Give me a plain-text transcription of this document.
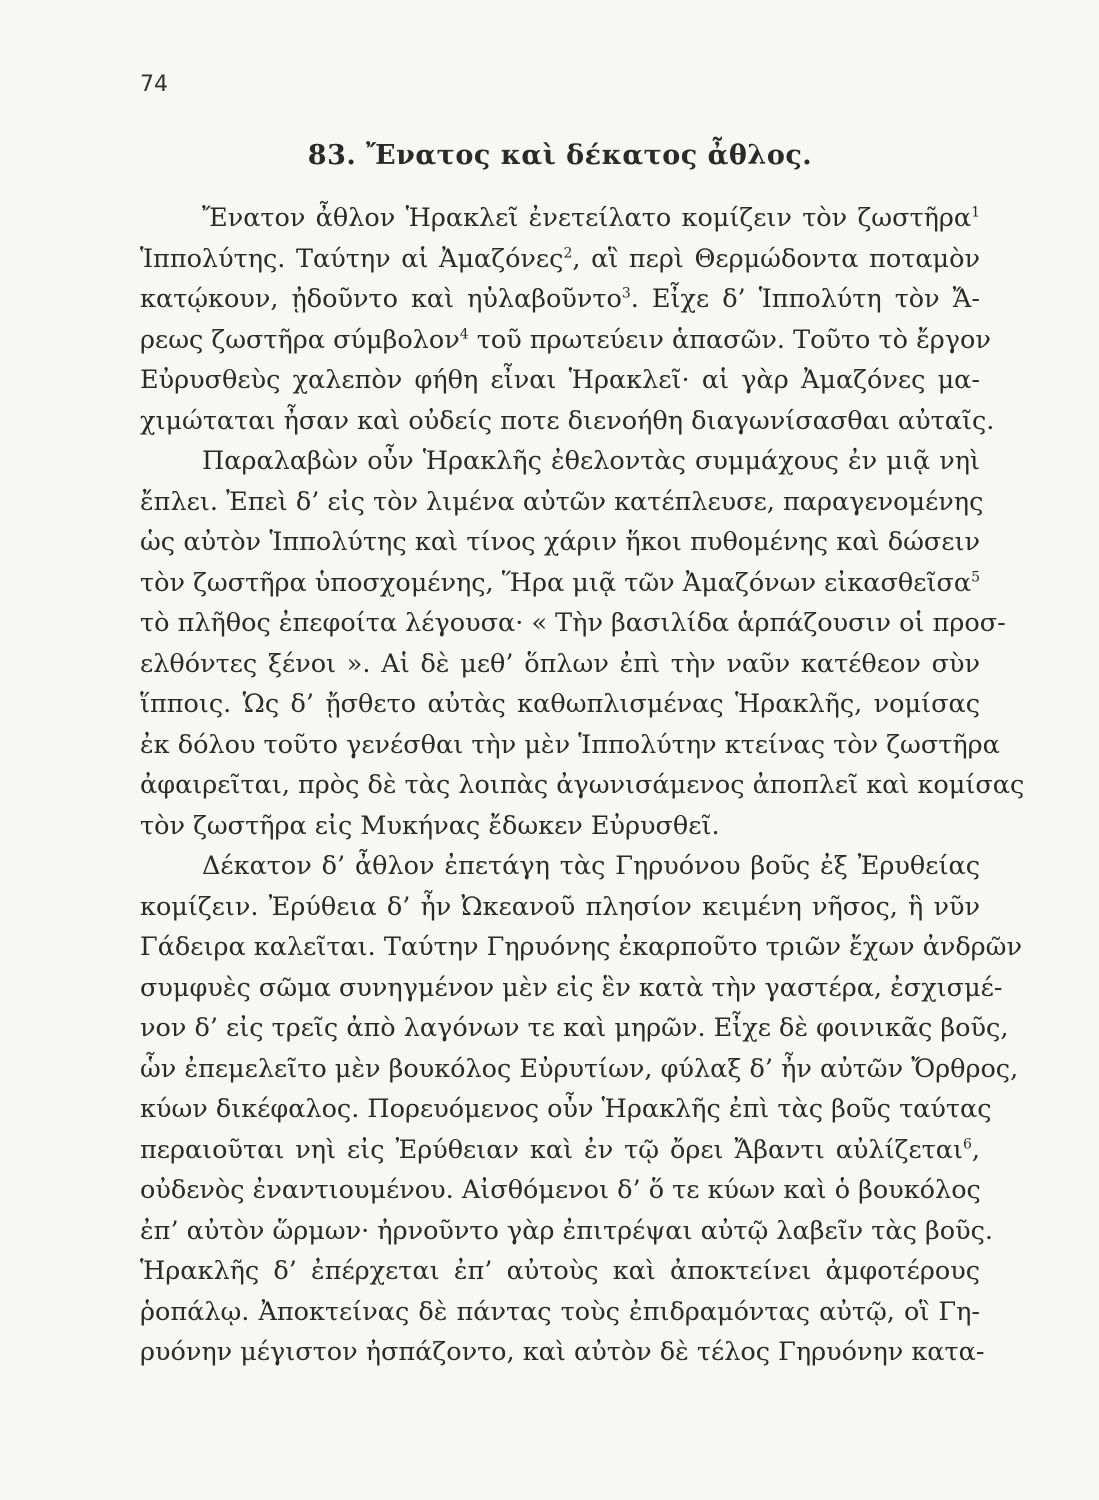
74
83. Ἔνατος καὶ δέκατος ἆθλος.
Ἔνατον ἆθλον Ἡρακλεῖ ἐνετείλατο κομίζειν τὸν ζωστῆρα$^1$
Ἱππολύτης. Ταύτην αἱ Ἀμαζόνες$^2$, αἳ περὶ Θερμώδοντα ποταμὸν
κατῴκουν, ᾐδοῦντο καὶ ηὐλαβοῦντο$^3$. Εἶχε δ’ Ἱππολύτη τὸν Ἄ-
ρεως ζωστῆρα σύμβολον$^4$ τοῦ πρωτεύειν ἁπασῶν. Τοῦτο τὸ ἔργον
Εὐρυσθεὺς χαλεπὸν φήθη εἶναι Ἡρακλεῖ· αἱ γὰρ Ἀμαζόνες μα-
χιμώταται ἦσαν καὶ οὐδείς ποτε διενοήθη διαγωνίσασθαι αὐταῖς.
Παραλαβὼν οὖν Ἡρακλῆς ἐθελοντὰς συμμάχους ἐν μιᾷ νηὶ
ἔπλει. Ἐπεὶ δ’ εἰς τὸν λιμένα αὐτῶν κατέπλευσε, παραγενομένης
ὡς αὐτὸν Ἱππολύτης καὶ τίνος χάριν ἥκοι πυθομένης καὶ δώσειν
τὸν ζωστῆρα ὑποσχομένης, Ἥρα μιᾷ τῶν Ἀμαζόνων εἰκασθεῖσα$^5$
τὸ πλῆθος ἐπεφοίτα λέγουσα· « Τὴν βασιλίδα ἁρπάζουσιν οἱ προσ-
ελθόντες ξένοι ». Αἱ δὲ μεθ’ ὅπλων ἐπὶ τὴν ναῦν κατέθεον σὺν
ἵπποις. Ὡς δ’ ᾔσθετο αὐτὰς καθωπλισμένας Ἡρακλῆς, νομίσας
ἐκ δόλου τοῦτο γενέσθαι τὴν μὲν Ἱππολύτην κτείνας τὸν ζωστῆρα
ἀφαιρεῖται, πρὸς δὲ τὰς λοιπὰς ἀγωνισάμενος ἀποπλεῖ καὶ κομίσας
τὸν ζωστῆρα εἰς Μυκήνας ἔδωκεν Εὐρυσθεῖ.
Δέκατον δ’ ἆθλον ἐπετάγη τὰς Γηρυόνου βοῦς ἐξ Ἐρυθείας
κομίζειν. Ἐρύθεια δ’ ἦν Ὠκεανοῦ πλησίον κειμένη νῆσος, ἣ νῦν
Γάδειρα καλεῖται. Ταύτην Γηρυόνης ἐκαρποῦτο τριῶν ἔχων ἀνδρῶν
συμφυὲς σῶμα συνηγμένον μὲν εἰς ἓν κατὰ τὴν γαστέρα, ἐσχισμέ-
νον δ’ εἰς τρεῖς ἀπὸ λαγόνων τε καὶ μηρῶν. Εἶχε δὲ φοινικᾶς βοῦς,
ὧν ἐπεμελεῖτο μὲν βουκόλος Εὐρυτίων, φύλαξ δ’ ἦν αὐτῶν Ὄρθρος,
κύων δικέφαλος. Πορευόμενος οὖν Ἡρακλῆς ἐπὶ τὰς βοῦς ταύτας
περαιοῦται νηὶ εἰς Ἐρύθειαν καὶ ἐν τῷ ὄρει Ἄβαντι αὐλίζεται$^6$,
οὐδενὸς ἐναντιουμένου. Αἰσθόμενοι δ’ ὅ τε κύων καὶ ὁ βουκόλος
ἐπ’ αὐτὸν ὥρμων· ἠρνοῦντο γὰρ ἐπιτρέψαι αὐτῷ λαβεῖν τὰς βοῦς.
Ἡρακλῆς δ’ ἐπέρχεται ἐπ’ αὐτοὺς καὶ ἀποκτείνει ἀμφοτέρους
ῥοπάλῳ. Ἀποκτείνας δὲ πάντας τοὺς ἐπιδραμόντας αὐτῷ, οἳ Γη-
ρυόνην μέγιστον ἠσπάζοντο, καὶ αὐτὸν δὲ τέλος Γηρυόνην κατα-
